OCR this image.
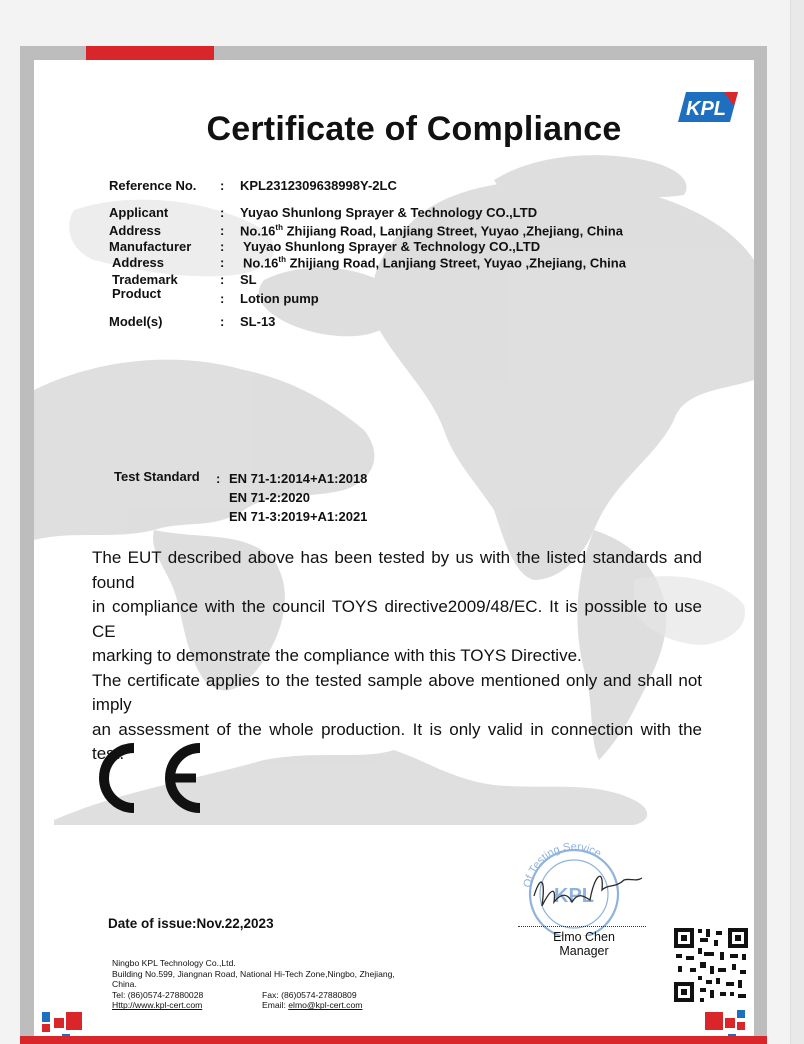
KPL
Certificate of Compliance
Reference No. : KPL2312309638998Y-2LC
Applicant	: Yuyao Shunlong Sprayer & Technology CO.,LTD
Address	: No.16th Zhijiang Road, Lanjiang Street, Yuyao ,Zhejiang, China
Manufacturer : Yuyao Shunlong Sprayer & Technology CO.,LTD
Address	: No.16th Zhijiang Road, Lanjiang Street, Yuyao ,Zhejiang, China
Trademark	: SL
Product	: Lotion pump
Model(s)	: SL-13
Test Standard : EN 71-1:2014+A1:2018
EN 71-2:2020
EN 71-3:2019+A1:2021

The EUT described above has been tested by us with the listed standards and found

in compliance with the council TOYS directive2009/48/EC. It is possible to use CE

marking to demonstrate the compliance with this TOYS Directive.

The certificate applies to the tested sample above mentioned only and shall not imply

an assessment of the whole production. It is only valid in connection with the test.

Date of issue:Nov.22,2023
Of Testing Service
KPL
Elmo Chen
Manager
Ningbo KPL Technology Co.,Ltd.
Building No.599, Jiangnan Road, National Hi-Tech Zone,Ningbo, Zhejiang,
China.
Tel: (86)0574-27880028	Fax: (86)0574-27880809
Http://www.kpl-cert.com	Email: elmo@kpl-cert.com
